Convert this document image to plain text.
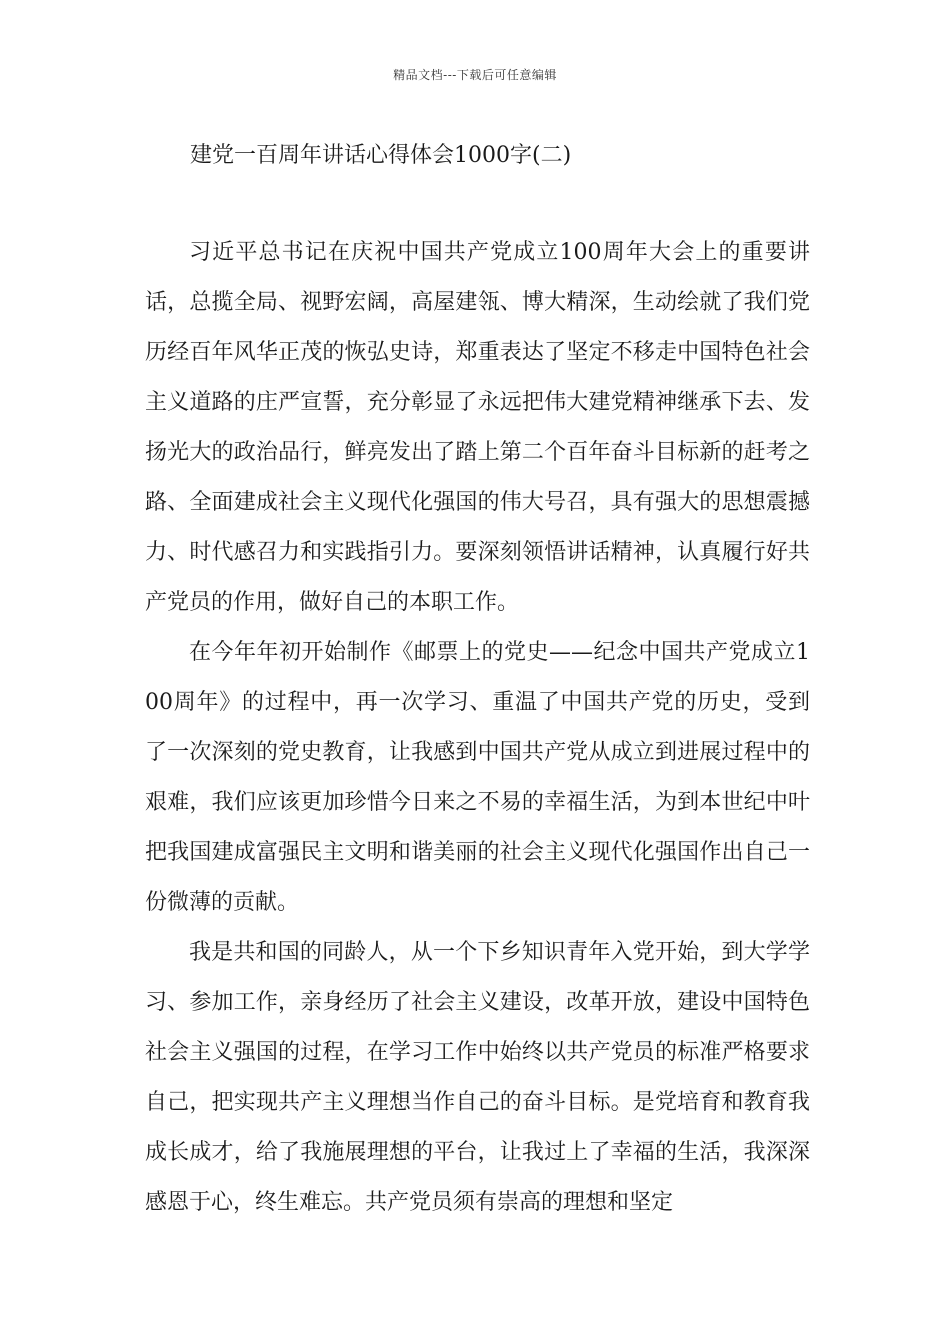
精品文档---下载后可任意编辑
建党一百周年讲话心得体会1000字(二)

习近平总书记在庆祝中国共产党成立100周年大会上的重要讲话，总揽全局、视野宏阔，高屋建瓴、博大精深，生动绘就了我们党历经百年风华正茂的恢弘史诗，郑重表达了坚定不移走中国特色社会主义道路的庄严宣誓，充分彰显了永远把伟大建党精神继承下去、发扬光大的政治品行，鲜亮发出了踏上第二个百年奋斗目标新的赶考之路、全面建成社会主义现代化强国的伟大号召，具有强大的思想震撼力、时代感召力和实践指引力。要深刻领悟讲话精神，认真履行好共产党员的作用，做好自己的本职工作。

在今年年初开始制作《邮票上的党史——纪念中国共产党成立100周年》的过程中，再一次学习、重温了中国共产党的历史，受到了一次深刻的党史教育，让我感到中国共产党从成立到进展过程中的艰难，我们应该更加珍惜今日来之不易的幸福生活，为到本世纪中叶把我国建成富强民主文明和谐美丽的社会主义现代化强国作出自己一份微薄的贡献。

我是共和国的同龄人，从一个下乡知识青年入党开始，到大学学习、参加工作，亲身经历了社会主义建设，改革开放，建设中国特色社会主义强国的过程，在学习工作中始终以共产党员的标准严格要求自己，把实现共产主义理想当作自己的奋斗目标。是党培育和教育我成长成才，给了我施展理想的平台，让我过上了幸福的生活，我深深感恩于心，终生难忘。共产党员须有崇高的理想和坚定
